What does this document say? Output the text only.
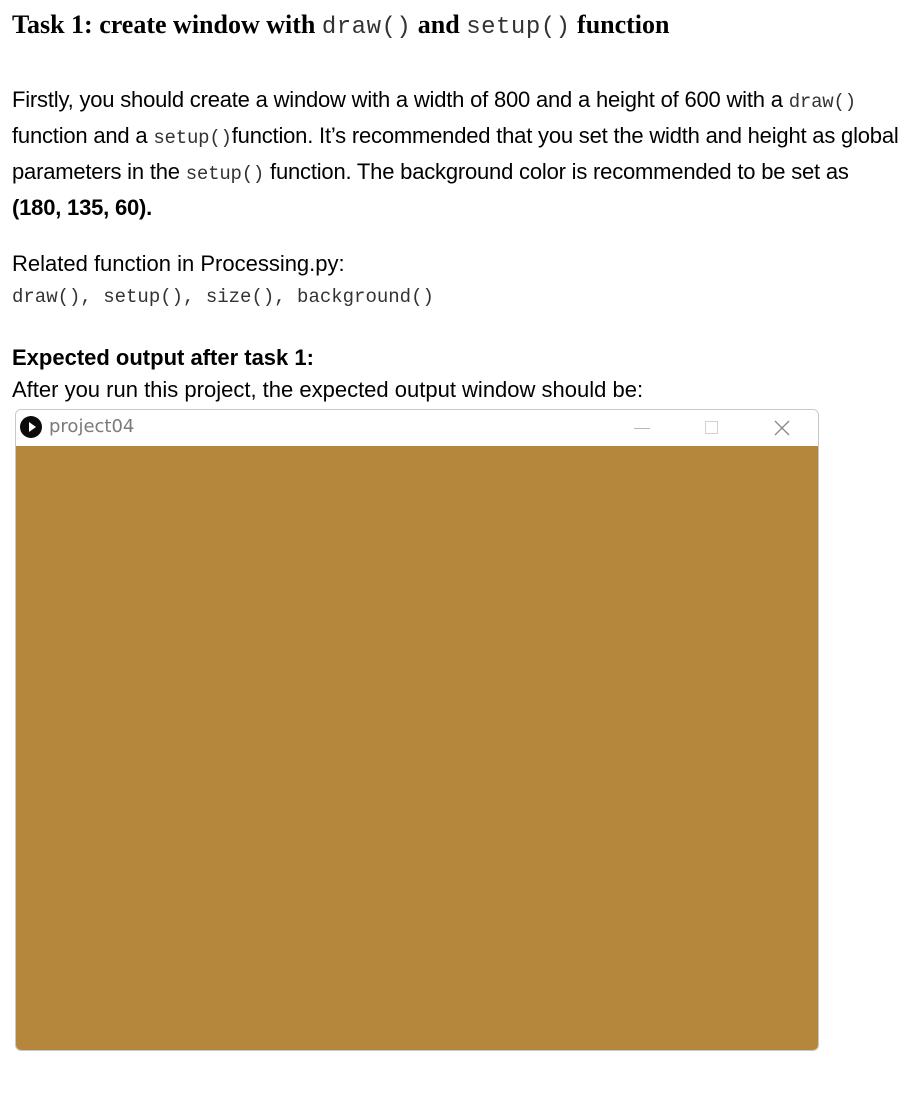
Task 1: create window with draw() and setup() function

Firstly, you should create a window with a width of 800 and a height of 600 with a draw() function and a setup()function. It’s recommended that you set the width and height as global parameters in the setup() function. The background color is recommended to be set as (180, 135, 60).

Related function in Processing.py:

draw(), setup(), size(), background()

Expected output after task 1:

After you run this project, the expected output window should be:

project04
